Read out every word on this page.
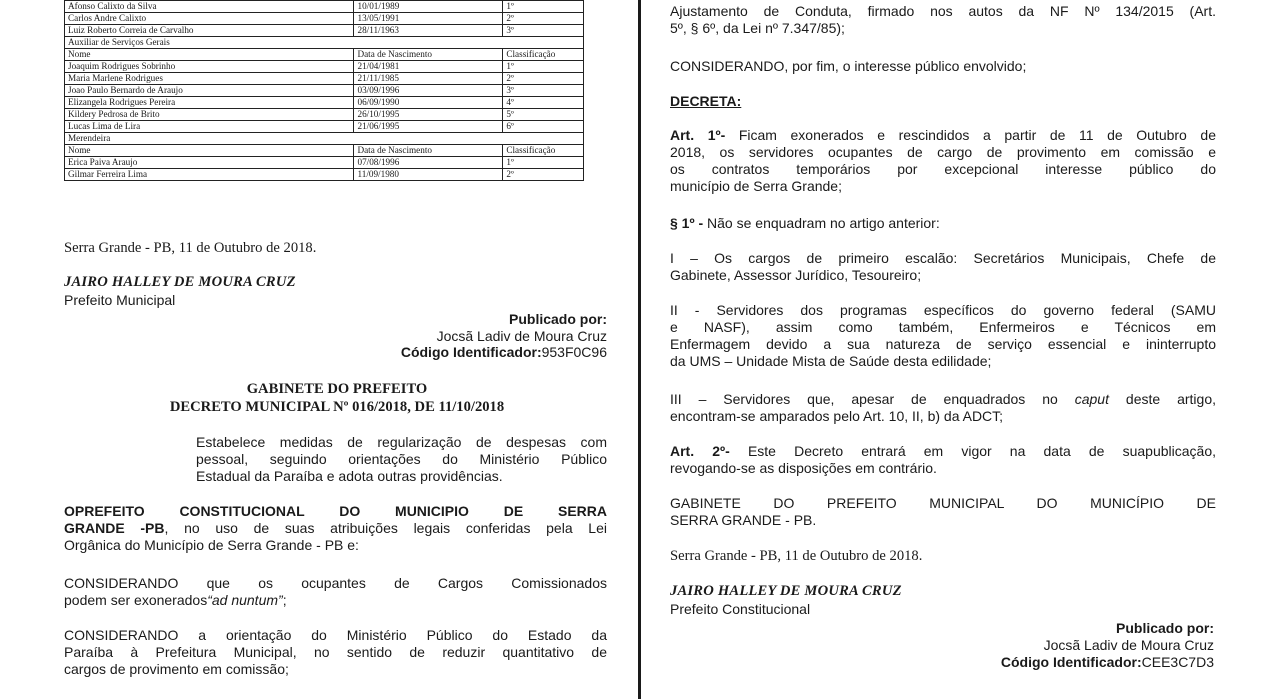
Afonso Calixto da Silva	10/01/1989	1º
Carlos Andre Calixto	13/05/1991	2º
Luiz Roberto Correia de Carvalho	28/11/1963	3º
Auxiliar de Serviços Gerais		
Nome	Data de Nascimento	Classificação
Joaquim Rodrigues Sobrinho	21/04/1981	1º
Maria Marlene Rodrigues	21/11/1985	2º
Joao Paulo Bernardo de Araujo	03/09/1996	3º
Elizangela Rodrigues Pereira	06/09/1990	4º
Kildery Pedrosa de Brito	26/10/1995	5º
Lucas Lima de Lira	21/06/1995	6º
Merendeira		
Nome	Data de Nascimento	Classificação
Erica Paiva Araujo	07/08/1996	1º
Gilmar Ferreira Lima	11/09/1980	2º

Serra Grande - PB, 11 de Outubro de 2018.

JAIRO HALLEY DE MOURA CRUZ

Prefeito Municipal

Publicado por:

Jocsã Ladiv de Moura Cruz

Código Identificador:953F0C96

GABINETE DO PREFEITO

DECRETO MUNICIPAL Nº 016/2018, DE 11/10/2018

Estabelece medidas de regularização de despesas com
pessoal, seguindo orientações do Ministério Público
Estadual da Paraíba e adota outras providências.
OPREFEITO CONSTITUCIONAL DO MUNICIPIO DE SERRA
GRANDE -PB, no uso de suas atribuições legais conferidas pela Lei
Orgânica do Município de Serra Grande - PB e:
CONSIDERANDO que os ocupantes de Cargos Comissionados
podem ser exonerados“ad nuntum”;
CONSIDERANDO a orientação do Ministério Público do Estado da
Paraíba à Prefeitura Municipal, no sentido de reduzir quantitativo de
cargos de provimento em comissão;
Ajustamento de Conduta, firmado nos autos da NF Nº 134/2015 (Art.
5º, § 6º, da Lei nº 7.347/85);

CONSIDERANDO, por fim, o interesse público envolvido;

DECRETA:

Art. 1º- Ficam exonerados e rescindidos a partir de 11 de Outubro de
2018, os servidores ocupantes de cargo de provimento em comissão e
os contratos temporários por excepcional interesse público do
município de Serra Grande;

§ 1º - Não se enquadram no artigo anterior:

I – Os cargos de primeiro escalão: Secretários Municipais, Chefe de
Gabinete, Assessor Jurídico, Tesoureiro;
II - Servidores dos programas específicos do governo federal (SAMU
e NASF), assim como também, Enfermeiros e Técnicos em
Enfermagem devido a sua natureza de serviço essencial e ininterrupto
da UMS – Unidade Mista de Saúde desta edilidade;
III – Servidores que, apesar de enquadrados no caput deste artigo,
encontram-se amparados pelo Art. 10, II, b) da ADCT;
Art. 2º- Este Decreto entrará em vigor na data de suapublicação,
revogando-se as disposições em contrário.
GABINETE DO PREFEITO MUNICIPAL DO MUNICÍPIO DE
SERRA GRANDE - PB.

Serra Grande - PB, 11 de Outubro de 2018.

JAIRO HALLEY DE MOURA CRUZ

Prefeito Constitucional

Publicado por:

Jocsã Ladiv de Moura Cruz

Código Identificador:CEE3C7D3
